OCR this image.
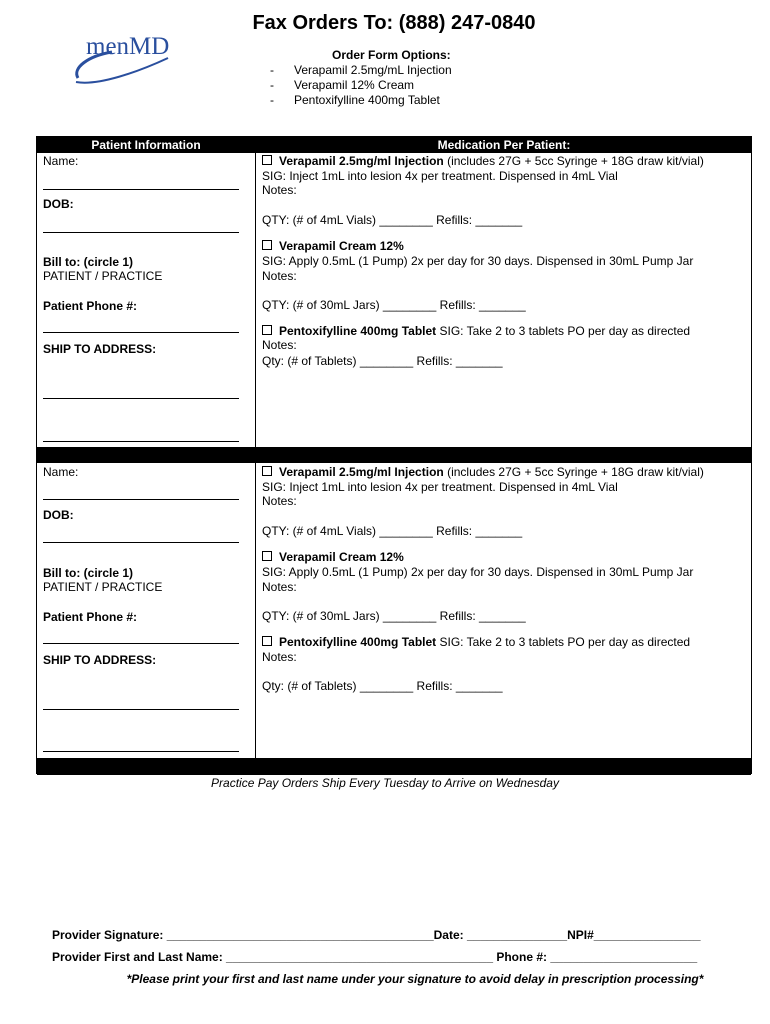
menMD
Fax Orders To: (888) 247-0840
Order Form Options:
-	Verapamil 2.5mg/mL Injection
-	Verapamil 12% Cream
-	Pentoxifylline 400mg Tablet
Patient Information	Medication Per Patient:
Name:
DOB:
Bill to: (circle 1)
PATIENT / PRACTICE
Patient Phone #:
SHIP TO ADDRESS:
Verapamil 2.5mg/ml Injection (includes 27G + 5cc Syringe + 18G draw kit/vial)
SIG: Inject 1mL into lesion 4x per treatment. Dispensed in 4mL Vial
Notes:
QTY: (# of 4mL Vials) ________ Refills: _______
Verapamil Cream 12%
SIG: Apply 0.5mL (1 Pump) 2x per day for 30 days. Dispensed in 30mL Pump Jar
Notes:
QTY: (# of 30mL Jars) ________ Refills: _______
Pentoxifylline 400mg Tablet SIG: Take 2 to 3 tablets PO per day as directed
Notes:
Qty: (# of Tablets) ________ Refills: _______
Name:
DOB:
Bill to: (circle 1)
PATIENT / PRACTICE
Patient Phone #:
SHIP TO ADDRESS:
Verapamil 2.5mg/ml Injection (includes 27G + 5cc Syringe + 18G draw kit/vial)
SIG: Inject 1mL into lesion 4x per treatment. Dispensed in 4mL Vial
Notes:
QTY: (# of 4mL Vials) ________ Refills: _______
Verapamil Cream 12%
SIG: Apply 0.5mL (1 Pump) 2x per day for 30 days. Dispensed in 30mL Pump Jar
Notes:
QTY: (# of 30mL Jars) ________ Refills: _______
Pentoxifylline 400mg Tablet SIG: Take 2 to 3 tablets PO per day as directed
Notes:
Qty: (# of Tablets) ________ Refills: _______
Practice Pay Orders Ship Every Tuesday to Arrive on Wednesday
Provider Signature: ________________________________________Date: _______________NPI#________________
Provider First and Last Name: ________________________________________ Phone #: ______________________
*Please print your first and last name under your signature to avoid delay in prescription processing*
